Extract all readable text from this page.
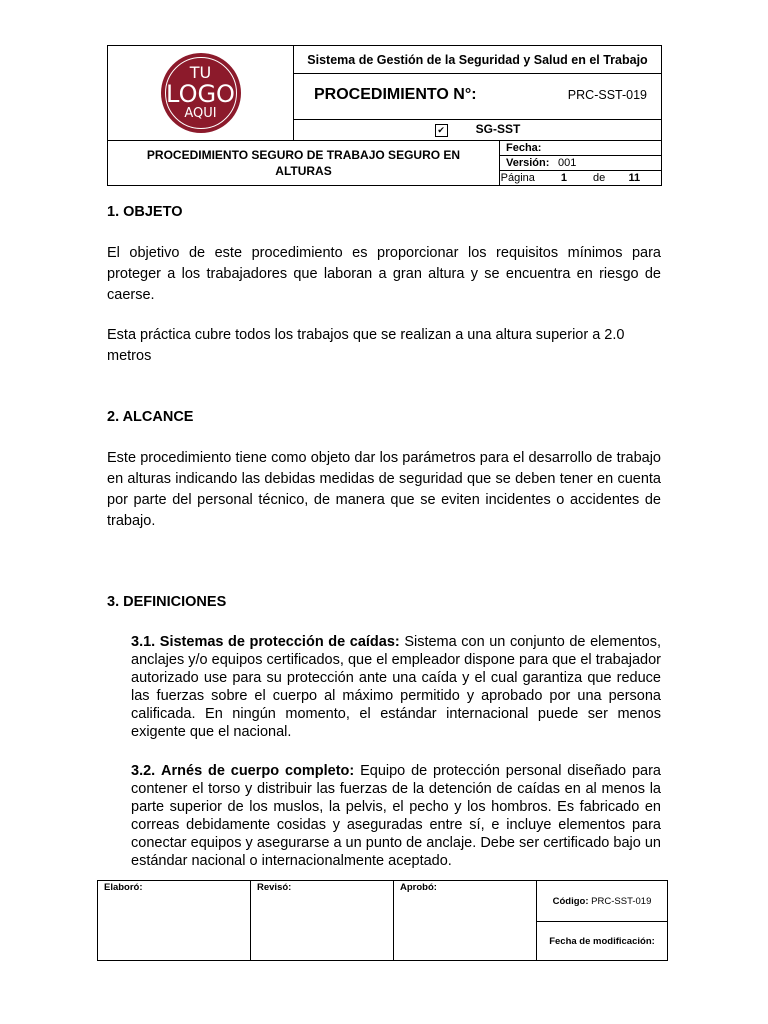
TU
LOGO
AQUI	Sistema de Gestión de la Seguridad y Salud en el Trabajo	

	PROCEDIMIENTO N°: PRC-SST-019	

	✔ SG-SST	
PROCEDIMIENTO SEGURO DE TRABAJO SEGURO EN ALTURAS		Fecha:
		Versión: 001
		Página 1 de 11
1. OBJETO
El objetivo de este procedimiento es proporcionar los requisitos mínimos para proteger a los trabajadores que laboran a gran altura y se encuentra en riesgo de caerse.
Esta práctica cubre todos los trabajos que se realizan a una altura superior a 2.0 metros
2. ALCANCE
Este procedimiento tiene como objeto dar los parámetros para el desarrollo de trabajo en alturas indicando las debidas medidas de seguridad que se deben tener en cuenta por parte del personal técnico, de manera que se eviten incidentes o accidentes de trabajo.
3. DEFINICIONES
3.1. Sistemas de protección de caídas: Sistema con un conjunto de elementos, anclajes y/o equipos certificados, que el empleador dispone para que el trabajador autorizado use para su protección ante una caída y el cual garantiza que reduce las fuerzas sobre el cuerpo al máximo permitido y aprobado por una persona calificada. En ningún momento, el estándar internacional puede ser menos exigente que el nacional.
3.2. Arnés de cuerpo completo: Equipo de protección personal diseñado para contener el torso y distribuir las fuerzas de la detención de caídas en al menos la parte superior de los muslos, la pelvis, el pecho y los hombros. Es fabricado en correas debidamente cosidas y aseguradas entre sí, e incluye elementos para conectar equipos y asegurarse a un punto de anclaje. Debe ser certificado bajo un estándar nacional o internacionalmente aceptado.
Elaboró:	Revisó:	Aprobó:	Código: PRC-SST-019
Fecha de modificación:
